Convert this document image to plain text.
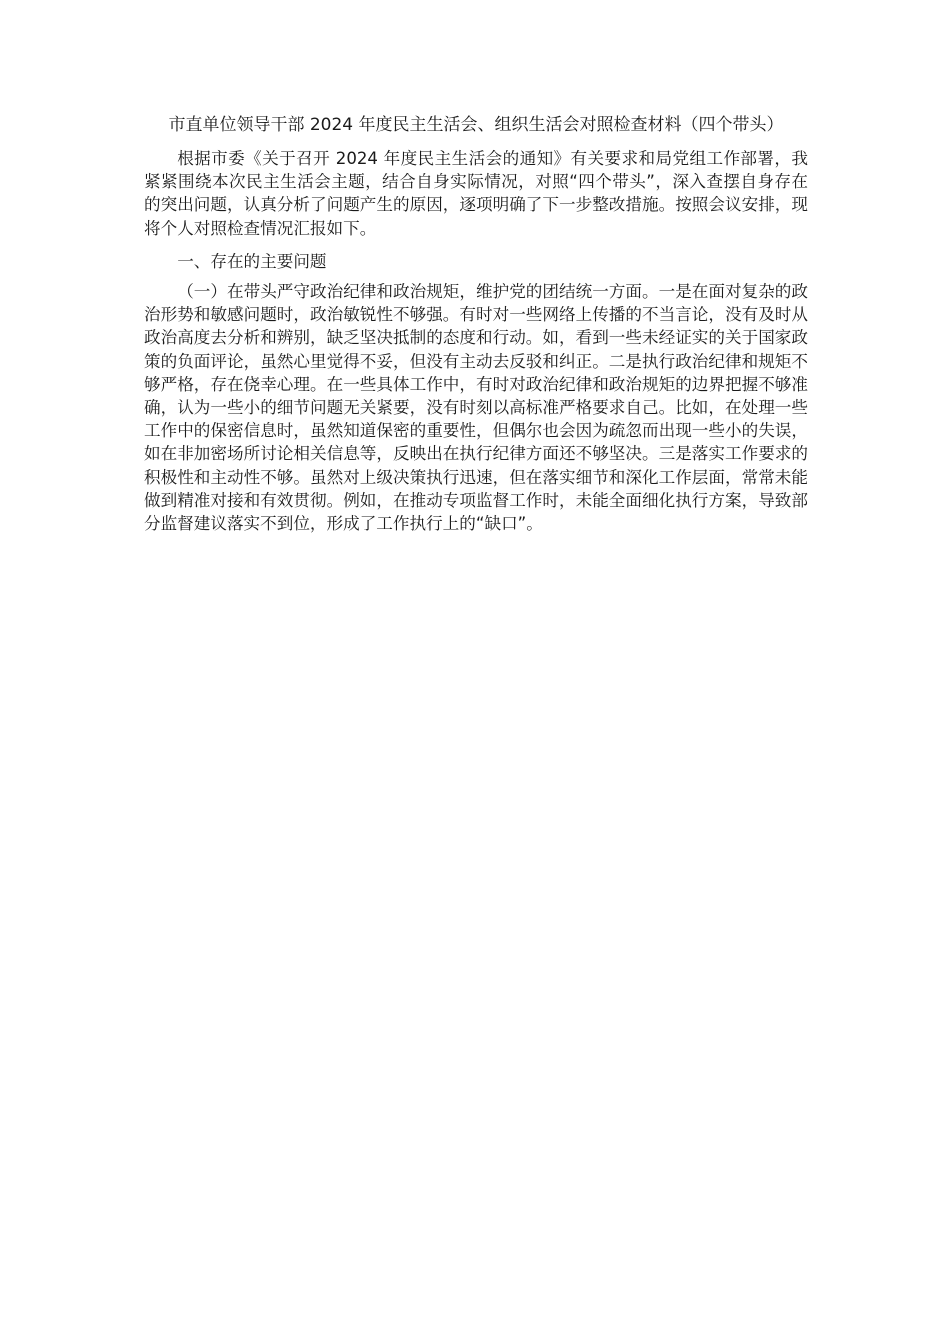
市直单位领导干部 2024 年度民主生活会、组织生活会对照检查材料（四个带头）

根据市委《关于召开 2024 年度民主生活会的通知》有关要求和局党组工作部署，我紧紧围绕本次民主生活会主题，结合自身实际情况，对照“四个带头”，深入查摆自身存在的突出问题，认真分析了问题产生的原因，逐项明确了下一步整改措施。按照会议安排，现将个人对照检查情况汇报如下。

一、存在的主要问题

（一）在带头严守政治纪律和政治规矩，维护党的团结统一方面。一是在面对复杂的政治形势和敏感问题时，政治敏锐性不够强。有时对一些网络上传播的不当言论，没有及时从政治高度去分析和辨别，缺乏坚决抵制的态度和行动。如，看到一些未经证实的关于国家政策的负面评论，虽然心里觉得不妥，但没有主动去反驳和纠正。二是执行政治纪律和规矩不够严格，存在侥幸心理。在一些具体工作中，有时对政治纪律和政治规矩的边界把握不够准确，认为一些小的细节问题无关紧要，没有时刻以高标准严格要求自己。比如，在处理一些工作中的保密信息时，虽然知道保密的重要性，但偶尔也会因为疏忽而出现一些小的失误，如在非加密场所讨论相关信息等，反映出在执行纪律方面还不够坚决。三是落实工作要求的积极性和主动性不够。虽然对上级决策执行迅速，但在落实细节和深化工作层面，常常未能做到精准对接和有效贯彻。例如，在推动专项监督工作时，未能全面细化执行方案，导致部分监督建议落实不到位，形成了工作执行上的“缺口”。
